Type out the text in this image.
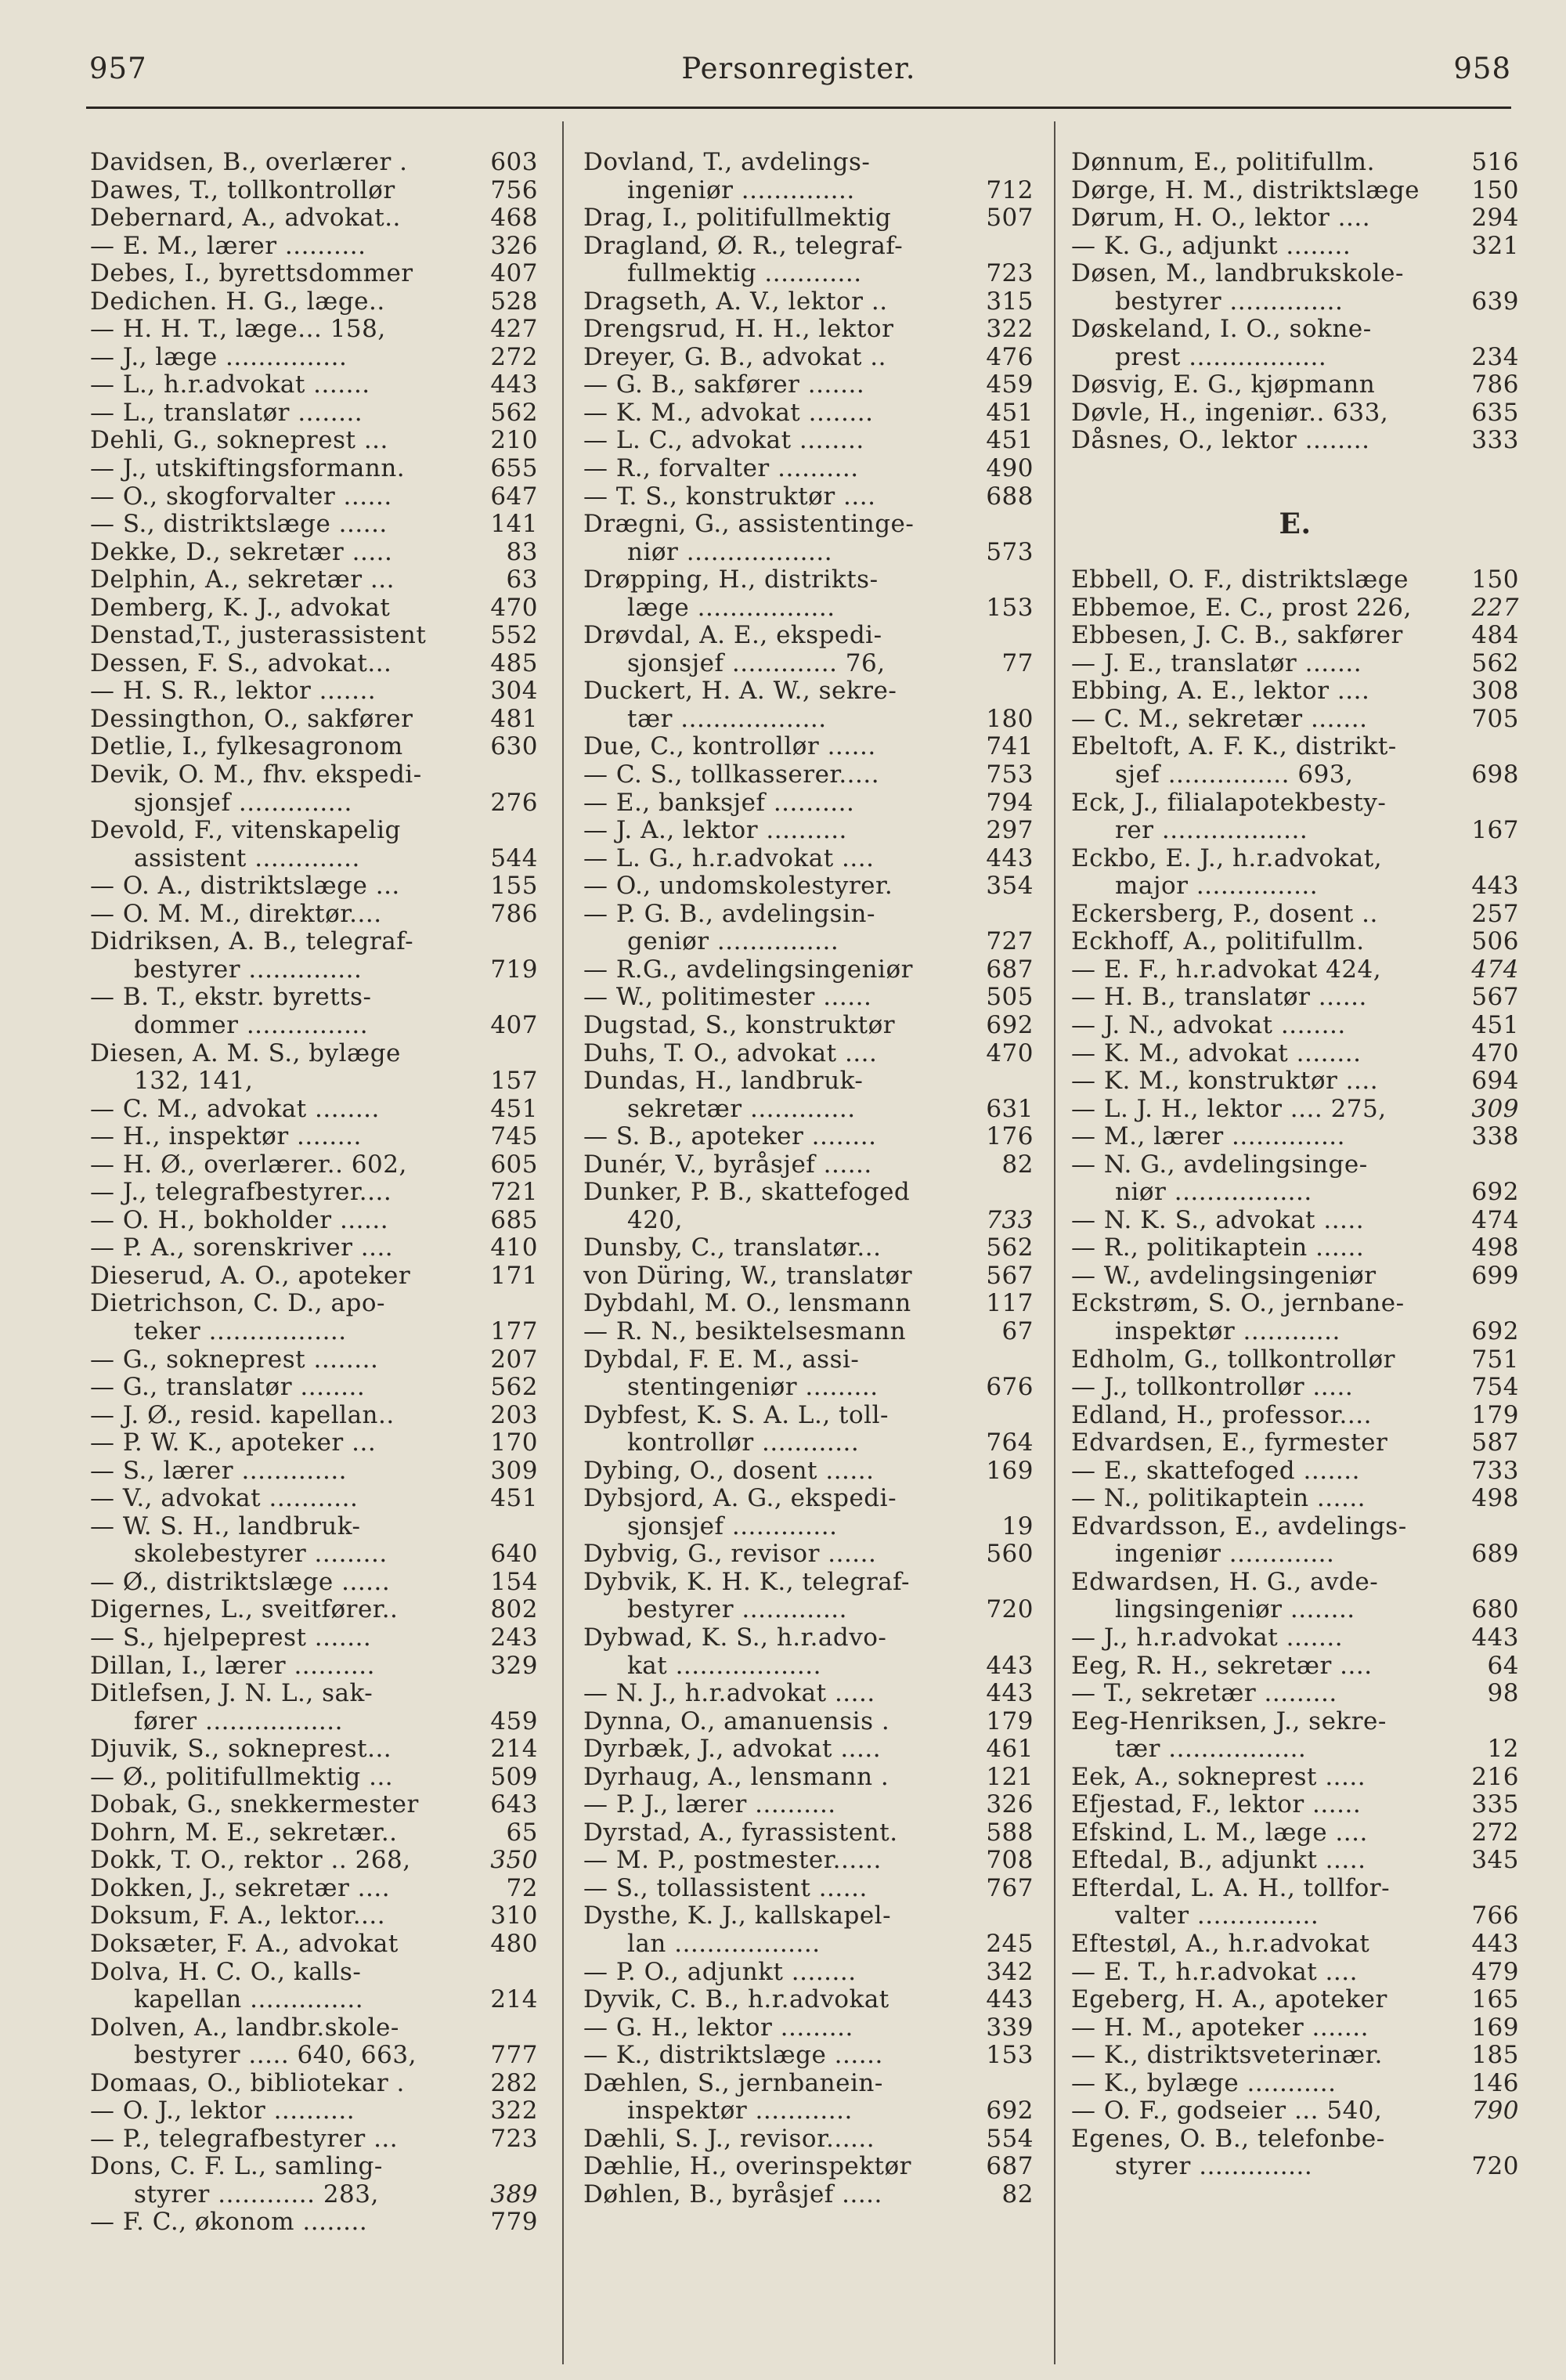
957	Personregister.	958
Davidsen, B., overlærer .	603
Dawes, T., tollkontrollør	756
Debernard, A., advokat..	468
— E. M., lærer ..........	326
Debes, I., byrettsdommer	407
Dedichen. H. G., læge..	528
— H. H. T., læge... 158,	427
— J., læge ...............	272
— L., h.r.advokat .......	443
— L., translatør ........	562
Dehli, G., sokneprest ...	210
— J., utskiftingsformann.	655
— O., skogforvalter ......	647
— S., distriktslæge ......	141
Dekke, D., sekretær .....	83
Delphin, A., sekretær ...	63
Demberg, K. J., advokat	470
Denstad,T., justerassistent	552
Dessen, F. S., advokat...	485
— H. S. R., lektor .......	304
Dessingthon, O., sakfører	481
Detlie, I., fylkesagronom	630
Devik, O. M., fhv. ekspedi-
sjonsjef ..............	276
Devold, F., vitenskapelig
assistent .............	544
— O. A., distriktslæge ...	155
— O. M. M., direktør....	786
Didriksen, A. B., telegraf-
bestyrer ..............	719
— B. T., ekstr. byretts-
dommer ...............	407
Diesen, A. M. S., bylæge
132, 141,	157
— C. M., advokat ........	451
— H., inspektør ........	745
— H. Ø., overlærer.. 602,	605
— J., telegrafbestyrer....	721
— O. H., bokholder ......	685
— P. A., sorenskriver ....	410
Dieserud, A. O., apoteker	171
Dietrichson, C. D., apo-
teker .................	177
— G., sokneprest ........	207
— G., translatør ........	562
— J. Ø., resid. kapellan..	203
— P. W. K., apoteker ...	170
— S., lærer .............	309
— V., advokat ...........	451
— W. S. H., landbruk-
skolebestyrer .........	640
— Ø., distriktslæge ......	154
Digernes, L., sveitfører..	802
— S., hjelpeprest .......	243
Dillan, I., lærer ..........	329
Ditlefsen, J. N. L., sak-
fører .................	459
Djuvik, S., sokneprest...	214
— Ø., politifullmektig ...	509
Dobak, G., snekkermester	643
Dohrn, M. E., sekretær..	65
Dokk, T. O., rektor .. 268,	350
Dokken, J., sekretær ....	72
Doksum, F. A., lektor....	310
Doksæter, F. A., advokat	480
Dolva, H. C. O., kalls-
kapellan ..............	214
Dolven, A., landbr.skole-
bestyrer ..... 640, 663,	777
Domaas, O., bibliotekar .	282
— O. J., lektor ..........	322
— P., telegrafbestyrer ...	723
Dons, C. F. L., samling-
styrer ............ 283,	389
— F. C., økonom ........	779
Dovland, T., avdelings-
ingeniør ..............	712
Drag, I., politifullmektig	507
Dragland, Ø. R., telegraf-
fullmektig ............	723
Dragseth, A. V., lektor ..	315
Drengsrud, H. H., lektor	322
Dreyer, G. B., advokat ..	476
— G. B., sakfører .......	459
— K. M., advokat ........	451
— L. C., advokat ........	451
— R., forvalter ..........	490
— T. S., konstruktør ....	688
Drægni, G., assistentinge-
niør ..................	573
Drøpping, H., distrikts-
læge .................	153
Drøvdal, A. E., ekspedi-
sjonsjef ............. 76,	77
Duckert, H. A. W., sekre-
tær ..................	180
Due, C., kontrollør ......	741
— C. S., tollkasserer.....	753
— E., banksjef ..........	794
— J. A., lektor ..........	297
— L. G., h.r.advokat ....	443
— O., undomskolestyrer.	354
— P. G. B., avdelingsin-
geniør ...............	727
— R.G., avdelingsingeniør	687
— W., politimester ......	505
Dugstad, S., konstruktør	692
Duhs, T. O., advokat ....	470
Dundas, H., landbruk-
sekretær .............	631
— S. B., apoteker ........	176
Dunér, V., byråsjef ......	82
Dunker, P. B., skattefoged
420,	733
Dunsby, C., translatør...	562
von Düring, W., translatør	567
Dybdahl, M. O., lensmann	117
— R. N., besiktelsesmann	67
Dybdal, F. E. M., assi-
stentingeniør .........	676
Dybfest, K. S. A. L., toll-
kontrollør ............	764
Dybing, O., dosent ......	169
Dybsjord, A. G., ekspedi-
sjonsjef .............	19
Dybvig, G., revisor ......	560
Dybvik, K. H. K., telegraf-
bestyrer .............	720
Dybwad, K. S., h.r.advo-
kat ..................	443
— N. J., h.r.advokat .....	443
Dynna, O., amanuensis .	179
Dyrbæk, J., advokat .....	461
Dyrhaug, A., lensmann .	121
— P. J., lærer ..........	326
Dyrstad, A., fyrassistent.	588
— M. P., postmester......	708
— S., tollassistent ......	767
Dysthe, K. J., kallskapel-
lan ..................	245
— P. O., adjunkt ........	342
Dyvik, C. B., h.r.advokat	443
— G. H., lektor .........	339
— K., distriktslæge ......	153
Dæhlen, S., jernbanein-
inspektør ............	692
Dæhli, S. J., revisor......	554
Dæhlie, H., overinspektør	687
Døhlen, B., byråsjef .....	82
Dønnum, E., politifullm.	516
Dørge, H. M., distriktslæge	150
Dørum, H. O., lektor ....	294
— K. G., adjunkt ........	321
Døsen, M., landbrukskole-
bestyrer ..............	639
Døskeland, I. O., sokne-
prest .................	234
Døsvig, E. G., kjøpmann	786
Døvle, H., ingeniør.. 633,	635
Dåsnes, O., lektor ........	333
E.
Ebbell, O. F., distriktslæge	150
Ebbemoe, E. C., prost 226,	227
Ebbesen, J. C. B., sakfører	484
— J. E., translatør .......	562
Ebbing, A. E., lektor ....	308
— C. M., sekretær .......	705
Ebeltoft, A. F. K., distrikt-
sjef ............... 693,	698
Eck, J., filialapotekbesty-
rer ..................	167
Eckbo, E. J., h.r.advokat,
major ...............	443
Eckersberg, P., dosent ..	257
Eckhoff, A., politifullm.	506
— E. F., h.r.advokat 424,	474
— H. B., translatør ......	567
— J. N., advokat ........	451
— K. M., advokat ........	470
— K. M., konstruktør ....	694
— L. J. H., lektor .... 275,	309
— M., lærer ..............	338
— N. G., avdelingsinge-
niør .................	692
— N. K. S., advokat .....	474
— R., politikaptein ......	498
— W., avdelingsingeniør	699
Eckstrøm, S. O., jernbane-
inspektør ............	692
Edholm, G., tollkontrollør	751
— J., tollkontrollør .....	754
Edland, H., professor....	179
Edvardsen, E., fyrmester	587
— E., skattefoged .......	733
— N., politikaptein ......	498
Edvardsson, E., avdelings-
ingeniør .............	689
Edwardsen, H. G., avde-
lingsingeniør ........	680
— J., h.r.advokat .......	443
Eeg, R. H., sekretær ....	64
— T., sekretær .........	98
Eeg-Henriksen, J., sekre-
tær .................	12
Eek, A., sokneprest .....	216
Efjestad, F., lektor ......	335
Efskind, L. M., læge ....	272
Eftedal, B., adjunkt .....	345
Efterdal, L. A. H., tollfor-
valter ...............	766
Eftestøl, A., h.r.advokat	443
— E. T., h.r.advokat ....	479
Egeberg, H. A., apoteker	165
— H. M., apoteker .......	169
— K., distriktsveterinær.	185
— K., bylæge ...........	146
— O. F., godseier ... 540,	790
Egenes, O. B., telefonbe-
styrer ..............	720
